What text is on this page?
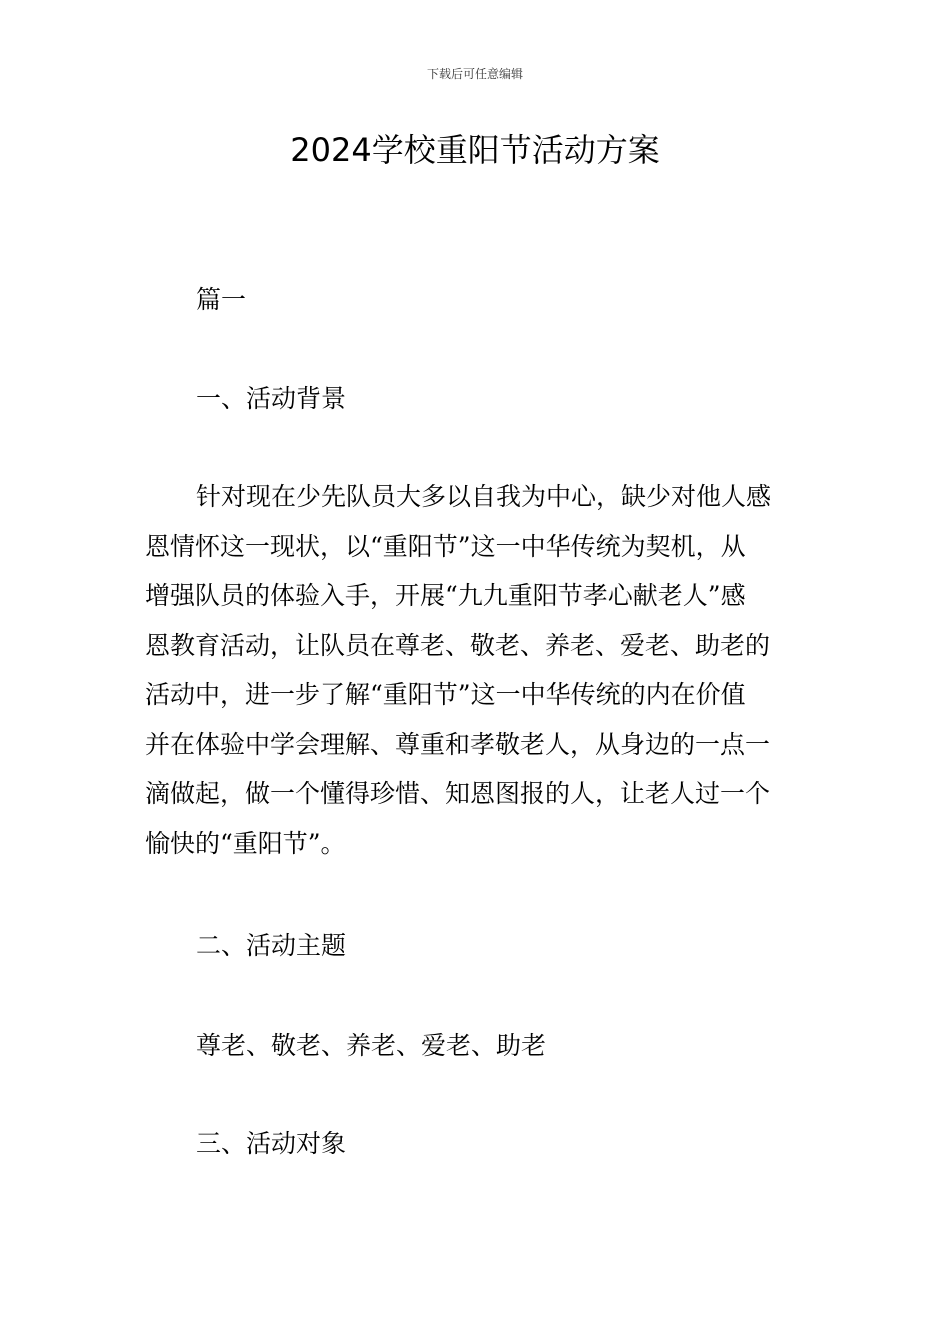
下载后可任意编辑
2024学校重阳节活动方案

篇一

一、活动背景

针对现在少先队员大多以自我为中心，缺少对他人感
恩情怀这一现状，以“重阳节”这一中华传统为契机，从
增强队员的体验入手，开展“九九重阳节孝心献老人”感
恩教育活动，让队员在尊老、敬老、养老、爱老、助老的
活动中，进一步了解“重阳节”这一中华传统的内在价值
并在体验中学会理解、尊重和孝敬老人，从身边的一点一
滴做起，做一个懂得珍惜、知恩图报的人，让老人过一个
愉快的“重阳节”。

二、活动主题

尊老、敬老、养老、爱老、助老

三、活动对象
